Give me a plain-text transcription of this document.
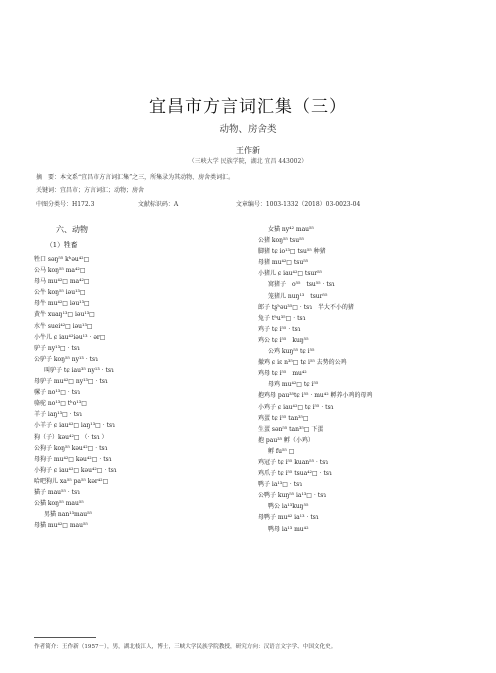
宜昌市方言词汇集（三）
动物、房舍类
王作新
（三峡大学 民族学院，湖北 宜昌 443002）
摘　要：本文系“宜昌市方言词汇集”之三，所集录为其动物、房舍类词汇。
关键词：宜昌市；方言词汇；动物；房舍
中图分类号：H172.3	文献标识码：A	文章编号：1003-1332（2018）03-0023-04
六、动物
（1）牲畜
牲口 səŋ⁵⁵ kʰəu⁴²□
公马 koŋ⁵⁵ ma⁴²□
母马 mu⁴²□ ma⁴²□
公牛 koŋ⁵⁵ iəu¹³□
母牛 mu⁴²□ iəu¹³□
黄牛 xuaŋ¹³□ iəu¹³□
水牛 suei⁴²□ iəu¹³□
小牛儿 ɕ iau⁴²iəu¹³ ˑ ər□
驴子 ny¹³□ ˑ tsɿ
公驴子 koŋ⁵⁵ ny¹³ ˑ tsɿ
叫驴子 tɕ iau³⁵ ny¹³ ˑ tsɿ
母驴子 mu⁴²□ ny¹³□ ˑ tsɿ
骡子 no¹³□ ˑ tsɿ
骆驼 no¹³□ tʰo¹³□
羊子 iaŋ¹³□ ˑ tsɿ
小羊子 ɕ iau⁴²□ iaŋ¹³□ ˑ tsɿ
狗（子）kəu⁴²□ （ˑ tsɿ ）
公狗子 koŋ⁵⁵ kəu⁴²□ ˑ tsɿ
母狗子 mu⁴²□ kəu⁴²□ ˑ tsɿ
小狗子 ɕ iau⁴²□ kəu⁴²□ ˑ tsɿ
哈吧狗儿 xa⁵⁵ pa⁵⁵ kər⁴²□
猫子 mau⁵⁵ ˑ tsɿ
公猫 koŋ⁵⁵ mau⁵⁵
男猫 nan¹³mau⁵⁵
母猫 mu⁴²□ mau⁵⁵
女猫 ny⁴² mau⁵⁵
公猪 koŋ⁵⁵ tsu⁵⁵
脚猪 tɕ io¹³□ tsu⁵⁵ 种猪
母猪 mu⁴²□ tsu⁵⁵
小猪儿 ɕ iau⁴²□ tsur⁵⁵
窝猪子　o⁵⁵　tsu⁵⁵ ˑ tsɿ
笼猪儿 nuŋ¹³　tsur⁵⁵
郎子 tʂʰəu³⁵□ ˑ tsɿ　半大不小的猪
兔子 tʰu³⁵□ ˑ tsɿ
鸡子 tɕ i⁵⁵ ˑ tsɿ
鸡公 tɕ i⁵⁵　kuŋ⁵⁵
公鸡 kuŋ⁵⁵ tɕ i⁵⁵
撤鸡 ɕ iɛ n³⁵□ tɕ i⁵⁵ 去势的公鸡
鸡母 tɕ i⁵⁵　mu⁴²
母鸡 mu⁴²□ tɕ i⁵⁵
抱鸡母 pau³⁵tɕ i⁵⁵ ˑ mu⁴² 孵养小鸡的母鸡
小鸡子 ɕ iau⁴²□ tɕ i⁵⁵ ˑ tsɿ
鸡蛋 tɕ i⁵⁵ tan³⁵□
生蛋 sən⁵⁵ tan³⁵□ 下蛋
抱 pau³⁵ 孵（小鸡）
孵 fu⁵⁵ □
鸡冠子 tɕ i⁵⁵ kuan⁵⁵ ˑ tsɿ
鸡爪子 tɕ i⁵⁵ tsua⁴²□ ˑ tsɿ
鸭子 ia¹³□ ˑ tsɿ
公鸭子 kuŋ⁵⁵ ia¹³□ ˑ tsɿ
鸭公 ia¹³kuŋ⁵⁵
母鸭子 mu⁴² ia¹³ ˑ tsɿ
鸭母 ia¹³ mu⁴²
作者简介：王作新（1957－），男，湖北枝江人，博士，三峡大学民族学院教授，研究方向：汉语言文字学、中国文化史。
